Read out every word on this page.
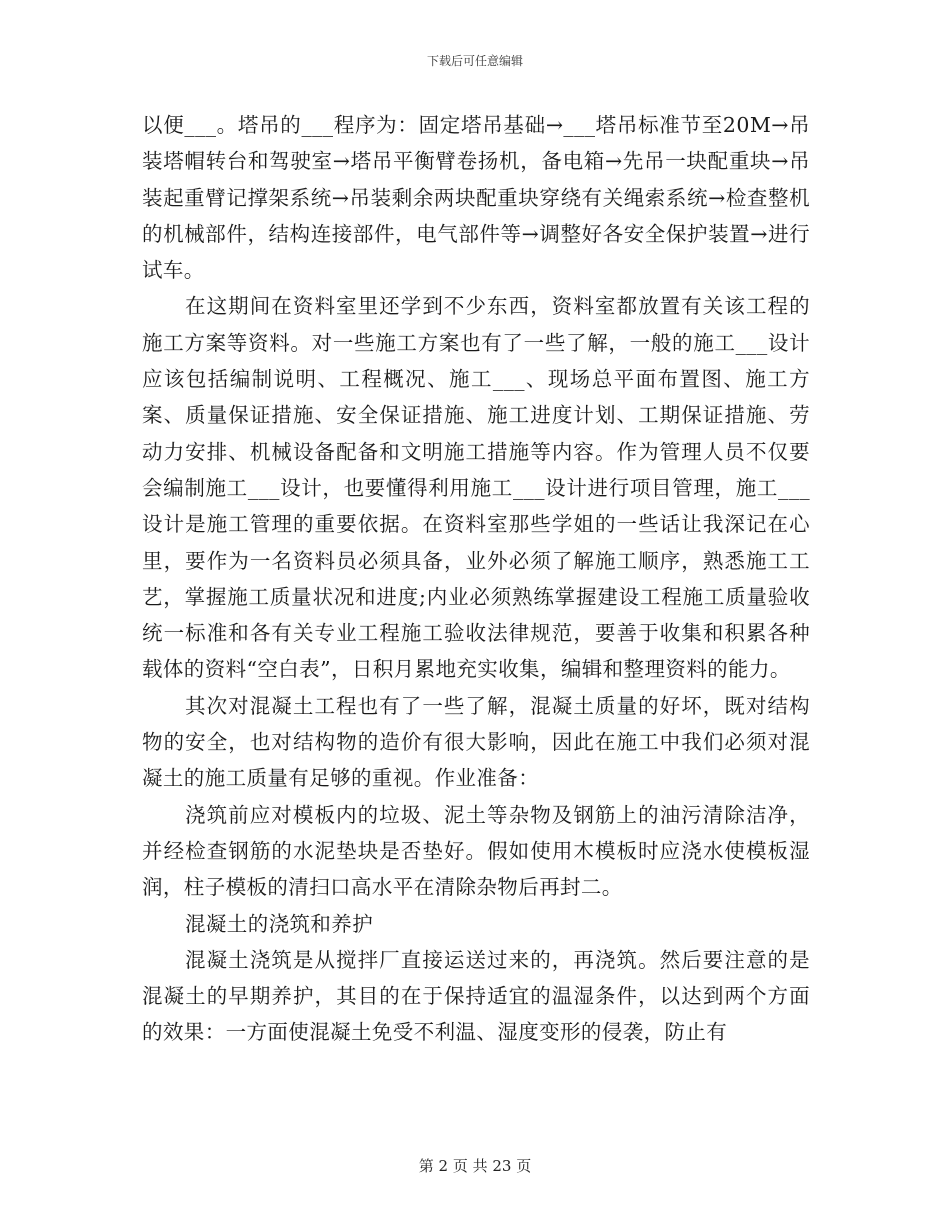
下载后可任意编辑

以便___。塔吊的___程序为：固定塔吊基础→___塔吊标准节至20M→吊装塔帽转台和驾驶室→塔吊平衡臂卷扬机，备电箱→先吊一块配重块→吊装起重臂记撑架系统→吊装剩余两块配重块穿绕有关绳索系统→检查整机的机械部件，结构连接部件，电气部件等→调整好各安全保护装置→进行试车。

在这期间在资料室里还学到不少东西，资料室都放置有关该工程的施工方案等资料。对一些施工方案也有了一些了解，一般的施工___设计应该包括编制说明、工程概况、施工___、现场总平面布置图、施工方案、质量保证措施、安全保证措施、施工进度计划、工期保证措施、劳动力安排、机械设备配备和文明施工措施等内容。作为管理人员不仅要会编制施工___设计，也要懂得利用施工___设计进行项目管理，施工___设计是施工管理的重要依据。在资料室那些学姐的一些话让我深记在心里，要作为一名资料员必须具备，业外必须了解施工顺序，熟悉施工工艺，掌握施工质量状况和进度;内业必须熟练掌握建设工程施工质量验收统一标准和各有关专业工程施工验收法律规范，要善于收集和积累各种载体的资料“空白表”，日积月累地充实收集，编辑和整理资料的能力。

其次对混凝土工程也有了一些了解，混凝土质量的好坏，既对结构物的安全，也对结构物的造价有很大影响，因此在施工中我们必须对混凝土的施工质量有足够的重视。作业准备：

浇筑前应对模板内的垃圾、泥土等杂物及钢筋上的油污清除洁净，并经检查钢筋的水泥垫块是否垫好。假如使用木模板时应浇水使模板湿润，柱子模板的清扫口高水平在清除杂物后再封二。

混凝土的浇筑和养护

混凝土浇筑是从搅拌厂直接运送过来的，再浇筑。然后要注意的是混凝土的早期养护，其目的在于保持适宜的温湿条件，以达到两个方面的效果：一方面使混凝土免受不利温、湿度变形的侵袭，防止有

第 2 页 共 23 页
